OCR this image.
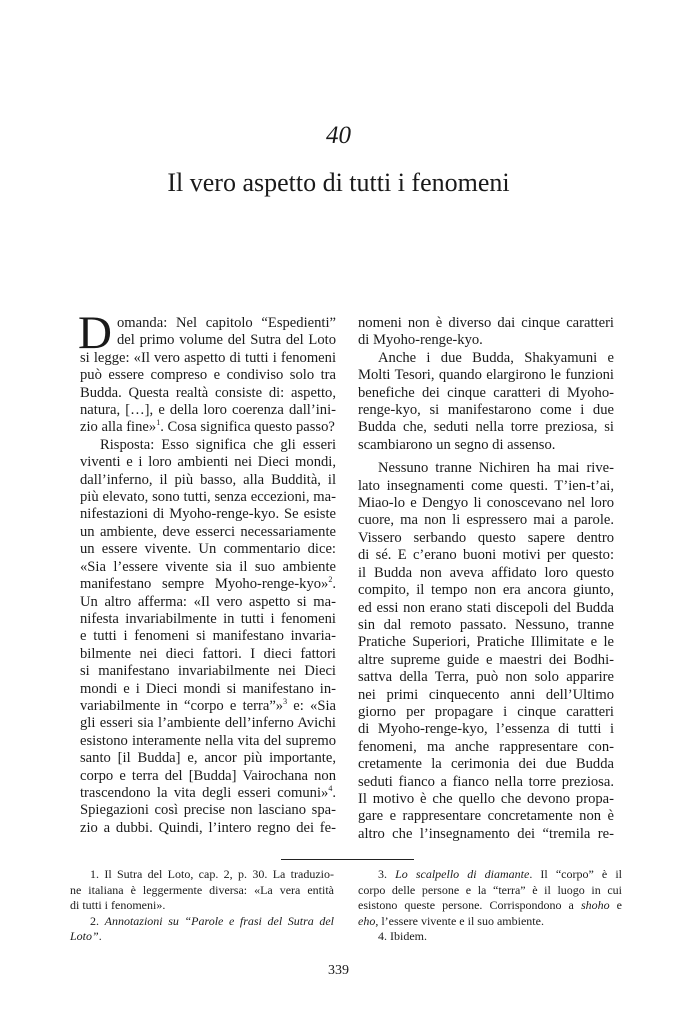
40
Il vero aspetto di tutti i fenomeni
D omanda: Nel capitolo “Espedienti”
del primo volume del Sutra del Loto
si legge: «Il vero aspetto di tutti i fenomeni
può essere compreso e condiviso solo tra
Budda. Questa realtà consiste di: aspetto,
natura, […], e della loro coerenza dall’ini-
zio alla fine»$^1$. Cosa significa questo passo?
Risposta: Esso significa che gli esseri
viventi e i loro ambienti nei Dieci mondi,
dall’inferno, il più basso, alla Buddità, il
più elevato, sono tutti, senza eccezioni, ma-
nifestazioni di Myoho-renge-kyo. Se esiste
un ambiente, deve esserci necessariamente
un essere vivente. Un commentario dice:
«Sia l’essere vivente sia il suo ambiente
manifestano sempre Myoho-renge-kyo»$^2$.
Un altro afferma: «Il vero aspetto si ma-
nifesta invariabilmente in tutti i fenomeni
e tutti i fenomeni si manifestano invaria-
bilmente nei dieci fattori. I dieci fattori
si manifestano invariabilmente nei Dieci
mondi e i Dieci mondi si manifestano in-
variabilmente in “corpo e terra”»$^3$ e: «Sia
gli esseri sia l’ambiente dell’inferno Avichi
esistono interamente nella vita del supremo
santo [il Budda] e, ancor più importante,
corpo e terra del [Budda] Vairochana non
trascendono la vita degli esseri comuni»$^4$.
Spiegazioni così precise non lasciano spa-
zio a dubbi. Quindi, l’intero regno dei fe-
nomeni non è diverso dai cinque caratteri
di Myoho-renge-kyo.
Anche i due Budda, Shakyamuni e
Molti Tesori, quando elargirono le funzioni
benefiche dei cinque caratteri di Myoho-
renge-kyo, si manifestarono come i due
Budda che, seduti nella torre preziosa, si
scambiarono un segno di assenso.
Nessuno tranne Nichiren ha mai rive-
lato insegnamenti come questi. T’ien-t’ai,
Miao-lo e Dengyo li conoscevano nel loro
cuore, ma non li espressero mai a parole.
Vissero serbando questo sapere dentro
di sé. E c’erano buoni motivi per questo:
il Budda non aveva affidato loro questo
compito, il tempo non era ancora giunto,
ed essi non erano stati discepoli del Budda
sin dal remoto passato. Nessuno, tranne
Pratiche Superiori, Pratiche Illimitate e le
altre supreme guide e maestri dei Bodhi-
sattva della Terra, può non solo apparire
nei primi cinquecento anni dell’Ultimo
giorno per propagare i cinque caratteri
di Myoho-renge-kyo, l’essenza di tutti i
fenomeni, ma anche rappresentare con-
cretamente la cerimonia dei due Budda
seduti fianco a fianco nella torre preziosa.
Il motivo è che quello che devono propa-
gare e rappresentare concretamente non è
altro che l’insegnamento dei “tremila re-
1. Il Sutra del Loto, cap. 2, p. 30. La traduzio-
ne italiana è leggermente diversa: «La vera entità
di tutti i fenomeni».
2. Annotazioni su “Parole e frasi del Sutra del
Loto”.
3. Lo scalpello di diamante. Il “corpo” è il
corpo delle persone e la “terra” è il luogo in cui
esistono queste persone. Corrispondono a shoho e
eho, l’essere vivente e il suo ambiente.
4. Ibidem.
339
